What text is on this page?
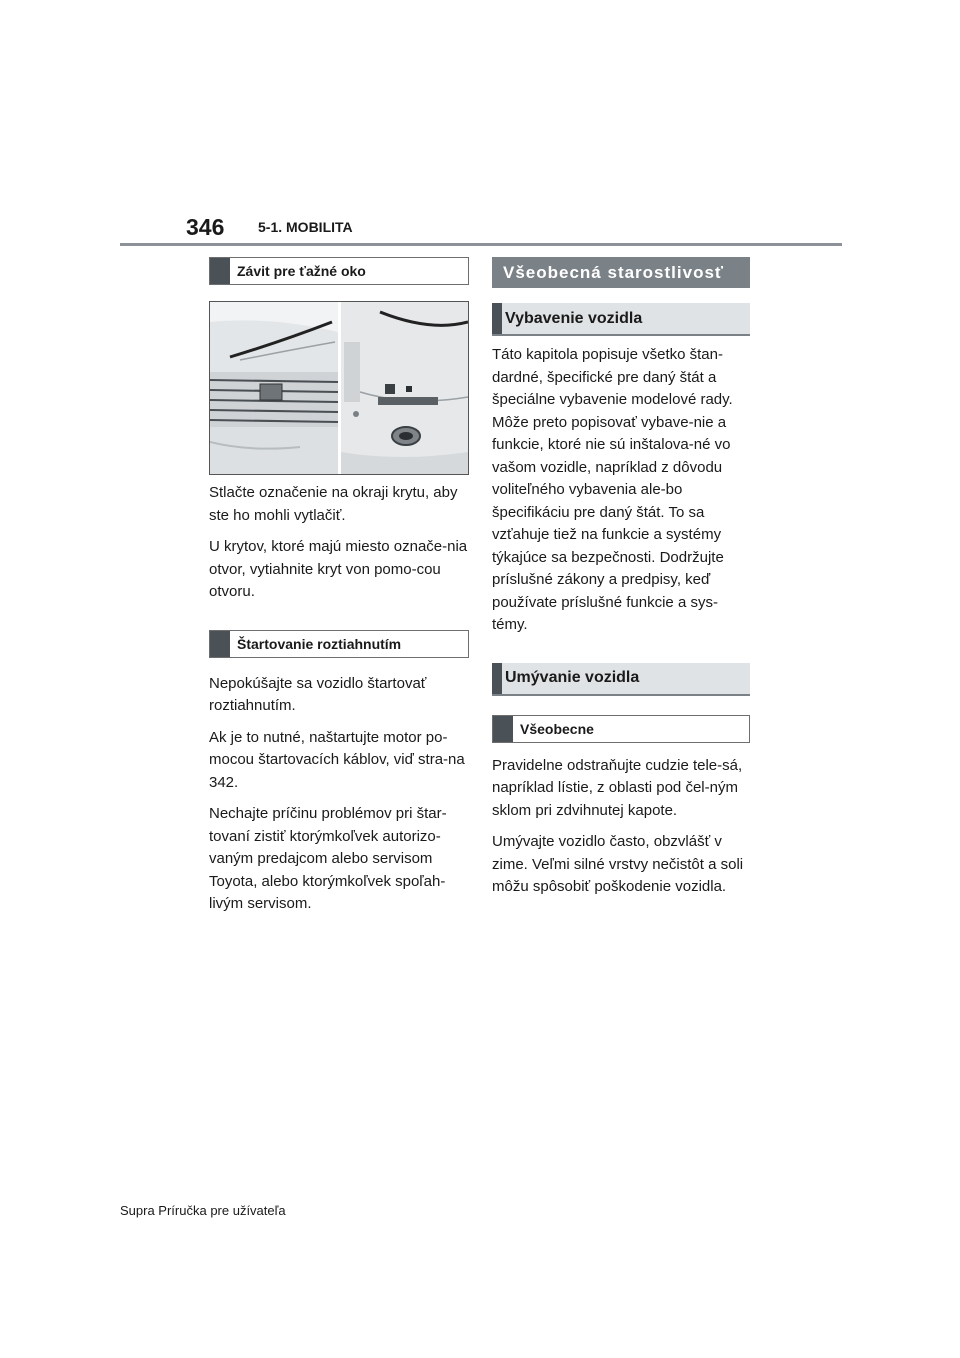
346 5-1. MOBILITA
Závit pre ťažné oko

Stlačte označenie na okraji krytu, aby ste ho mohli vytlačiť.

U krytov, ktoré majú miesto označe-nia otvor, vytiahnite kryt von pomo-cou otvoru.

Štartovanie roztiahnutím

Nepokúšajte sa vozidlo štartovať roztiahnutím.

Ak je to nutné, naštartujte motor po-mocou štartovacích káblov, viď stra-na 342.

Nechajte príčinu problémov pri štar-tovaní zistiť ktorýmkoľvek autorizo-vaným predajcom alebo servisom Toyota, alebo ktorýmkoľvek spoľah-livým servisom.

Všeobecná starostlivosť
Vybavenie vozidla

Táto kapitola popisuje všetko štan-dardné, špecifické pre daný štát a špeciálne vybavenie modelové rady. Môže preto popisovať vybave-nie a funkcie, ktoré nie sú inštalova-né vo vašom vozidle, napríklad z dôvodu voliteľného vybavenia ale-bo špecifikáciu pre daný štát. To sa vzťahuje tiež na funkcie a systémy týkajúce sa bezpečnosti. Dodržujte príslušné zákony a predpisy, keď používate príslušné funkcie a sys-témy.

Umývanie vozidla
Všeobecne

Pravidelne odstraňujte cudzie tele-sá, napríklad lístie, z oblasti pod čel-ným sklom pri zdvihnutej kapote.

Umývajte vozidlo často, obzvlášť v zime. Veľmi silné vrstvy nečistôt a soli môžu spôsobiť poškodenie vozidla.

Supra Príručka pre užívateľa
